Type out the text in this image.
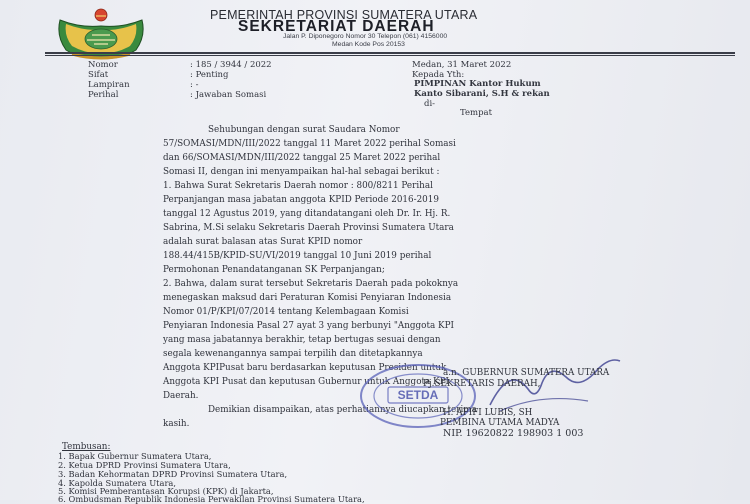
PEMERINTAH PROVINSI SUMATERA UTARA
SEKRETARIAT DAERAH
Jalan P. Diponegoro Nomor 30 Telepon (061) 4156000
Medan Kode Pos 20153
Nomor	: 185 / 3944 / 2022
Sifat	: Penting
Lampiran	: -
Perihal	: Jawaban Somasi
Medan, 31 Maret 2022
Kepada Yth:
PIMPINAN Kantor Hukum
Kanto Sibarani, S.H & rekan
di-
Tempat
Sehubungan dengan surat Saudara Nomor
57/SOMASI/MDN/III/2022 tanggal 11 Maret 2022 perihal Somasi
dan 66/SOMASI/MDN/III/2022 tanggal 25 Maret 2022 perihal
Somasi II, dengan ini menyampaikan hal-hal sebagai berikut :
1. Bahwa Surat Sekretaris Daerah nomor : 800/8211 Perihal
Perpanjangan masa jabatan anggota KPID Periode 2016-2019
tanggal 12 Agustus 2019, yang ditandatangani oleh Dr. Ir. Hj. R.
Sabrina, M.Si selaku Sekretaris Daerah Provinsi Sumatera Utara
adalah surat balasan atas Surat KPID nomor
188.44/415B/KPID-SU/VI/2019 tanggal 10 Juni 2019 perihal
Permohonan Penandatanganan SK Perpanjangan;
2. Bahwa, dalam surat tersebut Sekretaris Daerah pada pokoknya
menegaskan maksud dari Peraturan Komisi Penyiaran Indonesia
Nomor 01/P/KPI/07/2014 tentang Kelembagaan Komisi
Penyiaran Indonesia Pasal 27 ayat 3 yang berbunyi "Anggota KPI
yang masa jabatannya berakhir, tetap bertugas sesuai dengan
segala kewenangannya sampai terpilih dan ditetapkannya
Anggota KPIPusat baru berdasarkan keputusan Presiden untuk
Anggota KPI Pusat dan keputusan Gubernur untuk Anggota KPI
Daerah.
Demikian disampaikan, atas perhatiannya diucapkan terima
kasih.
SETDA
a.n. GUBERNUR SUMATERA UTARA
Pj.SEKRETARIS DAERAH,
H. AFIFI LUBIS, SH
PEMBINA UTAMA MADYA
NIP. 19620822 198903 1 003
Tembusan:
1. Bapak Gubernur Sumatera Utara,
2. Ketua DPRD Provinsi Sumatera Utara,
3. Badan Kehormatan DPRD Provinsi Sumatera Utara,
4. Kapolda Sumatera Utara,
5. Komisi Pemberantasan Korupsi (KPK) di Jakarta,
6. Ombudsman Republik Indonesia Perwakilan Provinsi Sumatera Utara,
